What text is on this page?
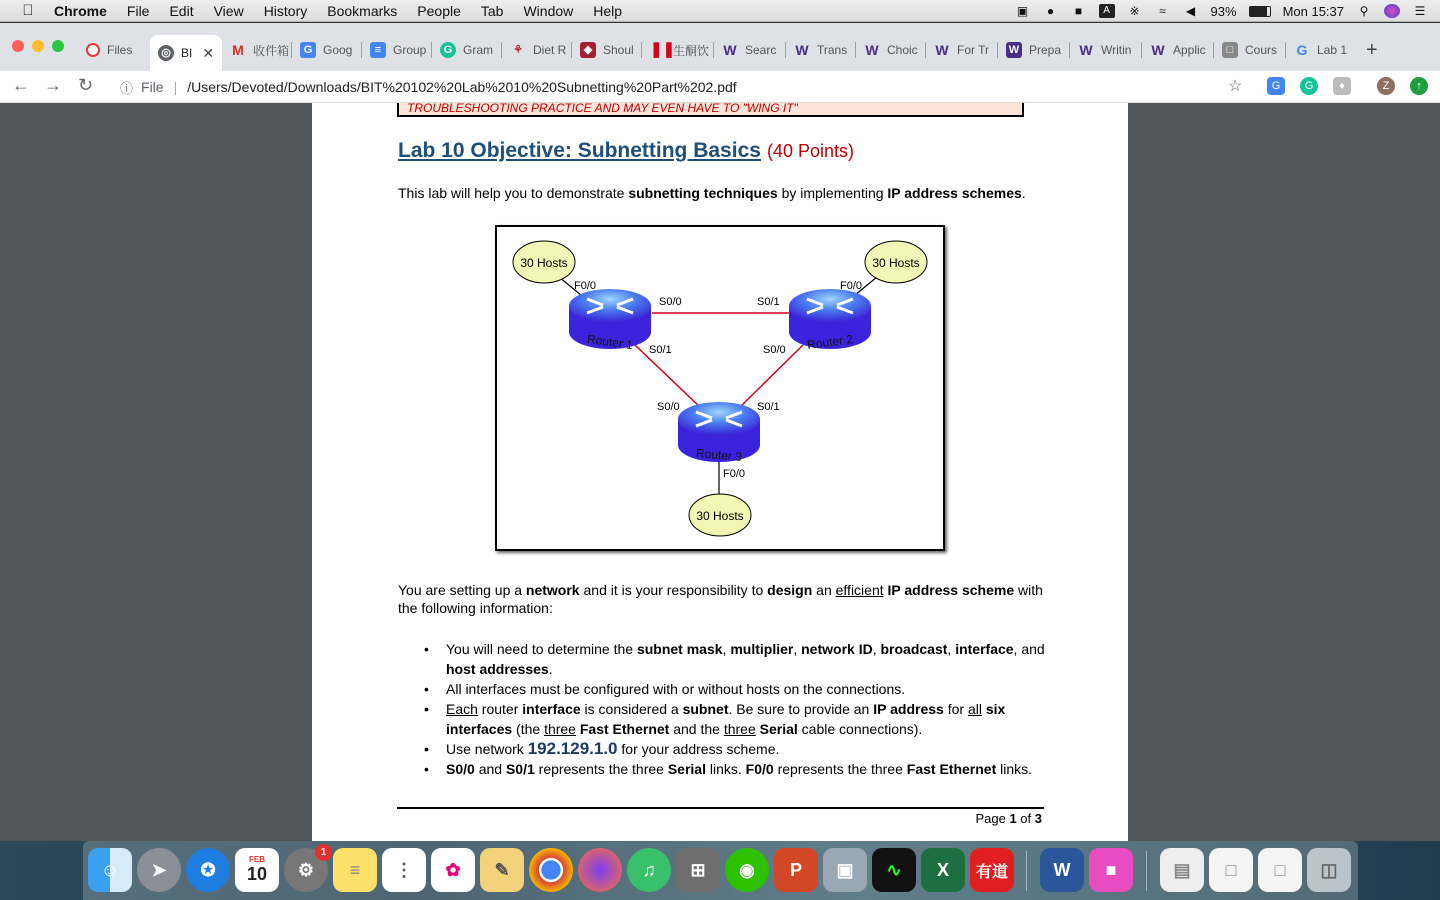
Chrome File Edit View History Bookmarks People Tab Window Help	▣	●	■	A	※	≈	◀ 93%	Mon 15:37 ⚲	☰
Files	◎ BI ✕ M 收件箱	G Goog	≡ Group	G Gram ⚘ Diet R	◆ Shoul ❚❚
生酮饮 W Searc W Trans W Choic W For Tr W Prepa W Writin W Applic	□ Cours G Lab 1 +
← → ↻ ⓘ File | /Users/Devoted/Downloads/BIT%20102%20Lab%2010%20Subnetting%20Part%202.pdf	☆	G	G	♦	Z	↑
TROUBLESHOOTING PRACTICE AND MAY EVEN HAVE TO "WING IT"
Lab 10 Objective: Subnetting Basics (40 Points)
This lab will help you to demonstrate subnetting techniques by implementing IP address schemes.
30 Hosts	30 Hosts
30 Hosts
Router 1	Router 2
Router 3
F0/0	F0/0
S0/0	S0/1
S0/1	S0/0
S0/0	S0/1
F0/0
You are setting up a network and it is your responsibility to design an efficient IP address scheme with the following information:
• You will need to determine the subnet mask, multiplier, network ID, broadcast, interface, and host addresses.
• All interfaces must be configured with or without hosts on the connections.
• Each router interface is considered a subnet. Be sure to provide an IP address for all six interfaces (the three Fast Ethernet and the three Serial cable connections).
• Use network 192.129.1.0 for your address scheme.
• S0/0 and S0/1 represents the three Serial links. F0/0 represents the three Fast Ethernet links.
Page 1 of 3
☺	➤	✪	FEB
10	⚙
1
≡	⋮	✿	✎	♫	⊞	◉	P	▣	∿	X	有道	W	■	▤	□	□	◫
